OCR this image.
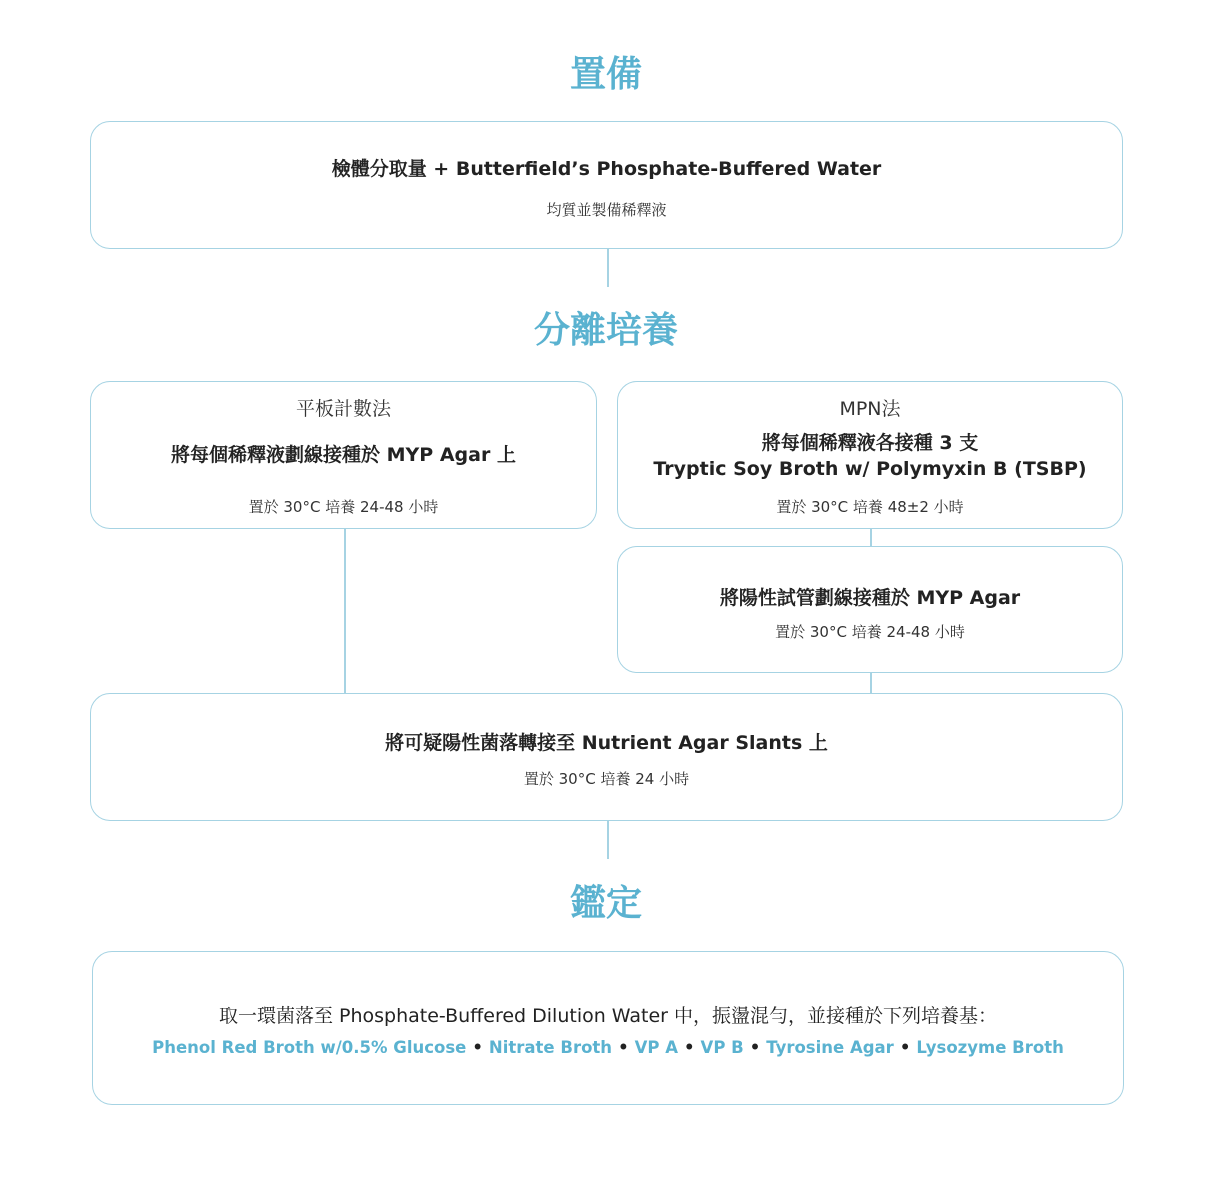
置備
分離培養
鑑定
檢體分取量 + Butterfield’s Phosphate-Buffered Water
均質並製備稀釋液
平板計數法
將每個稀釋液劃線接種於 MYP Agar 上
置於 30°C 培養 24-48 小時
MPN法
將每個稀釋液各接種 3 支
Tryptic Soy Broth w/ Polymyxin B (TSBP)
置於 30°C 培養 48±2 小時
將陽性試管劃線接種於 MYP Agar
置於 30°C 培養 24-48 小時
將可疑陽性菌落轉接至 Nutrient Agar Slants 上
置於 30°C 培養 24 小時
取一環菌落至 Phosphate-Buffered Dilution Water 中，振盪混勻，並接種於下列培養基：
Phenol Red Broth w/0.5% Glucose • Nitrate Broth • VP A • VP B • Tyrosine Agar • Lysozyme Broth
